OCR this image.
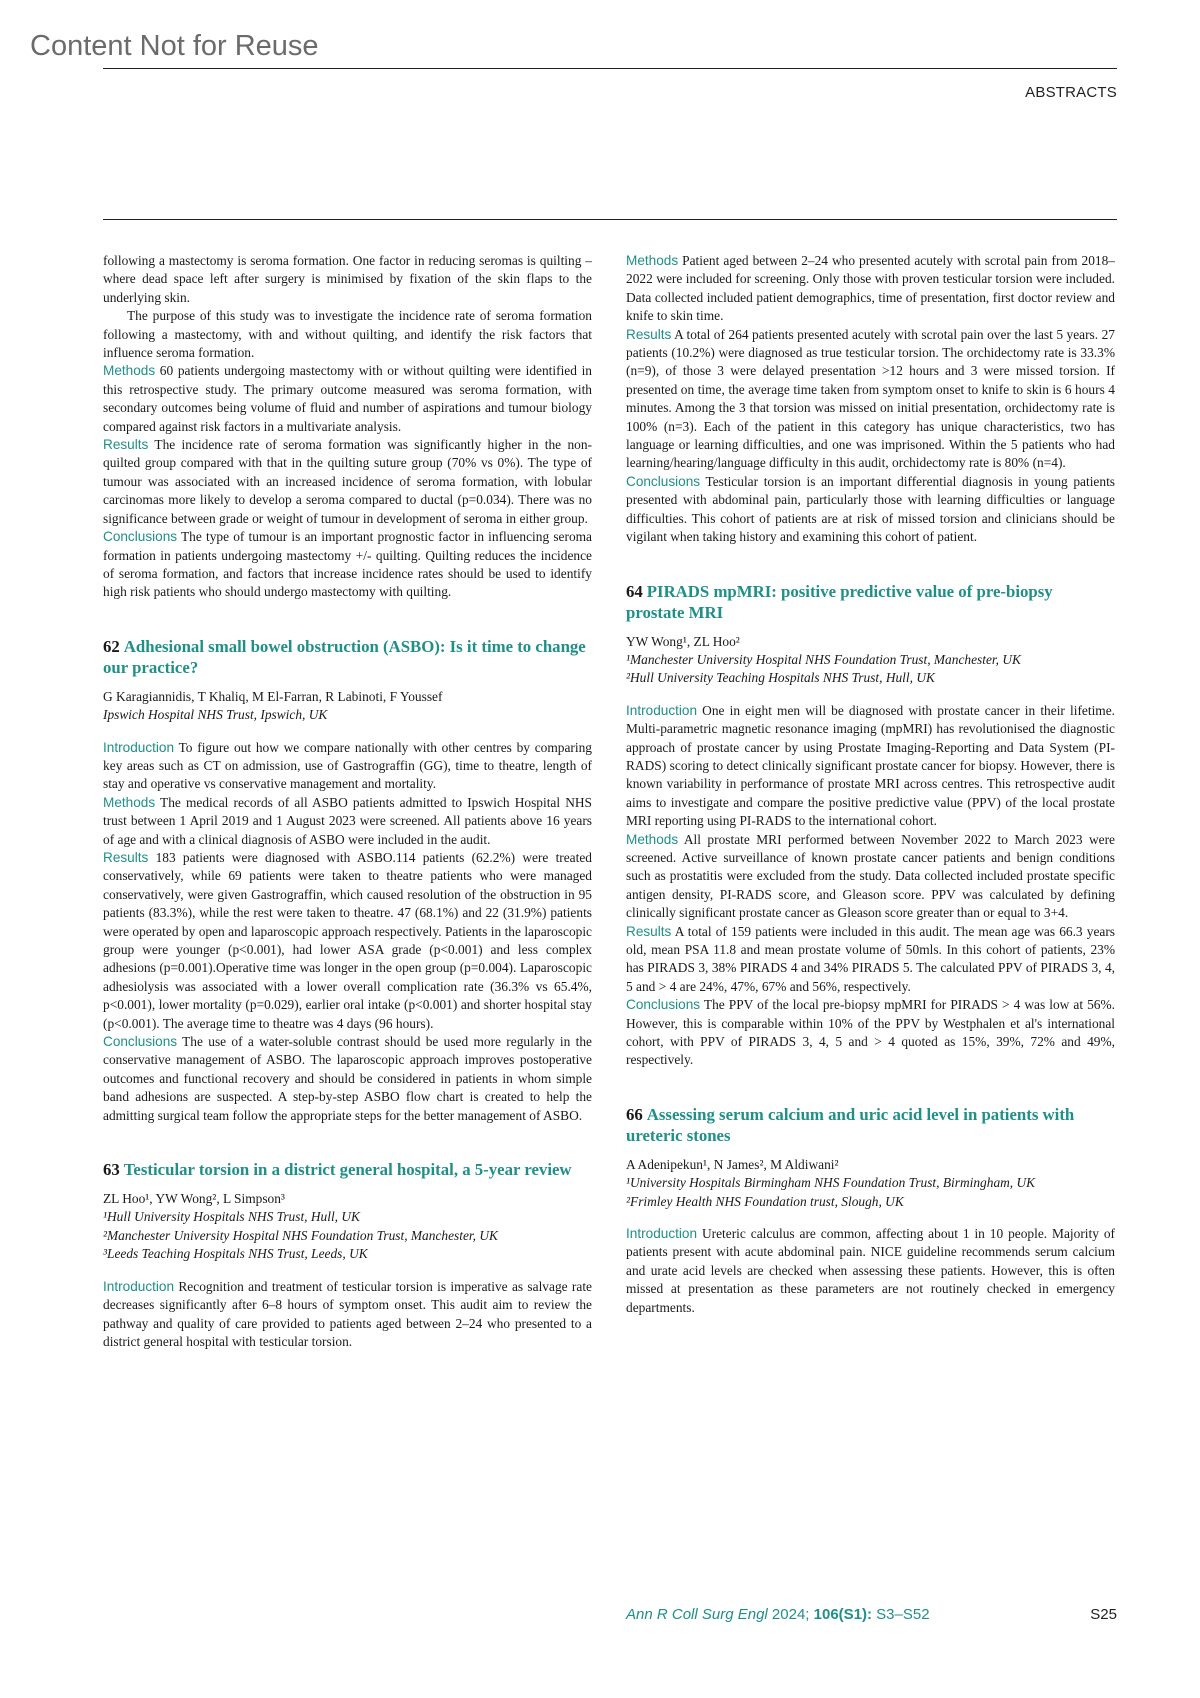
Content Not for Reuse
ABSTRACTS

following a mastectomy is seroma formation. One factor in reducing seromas is quilting – where dead space left after surgery is minimised by fixation of the skin flaps to the underlying skin.

The purpose of this study was to investigate the incidence rate of seroma formation following a mastectomy, with and without quilting, and identify the risk factors that influence seroma formation.

Methods 60 patients undergoing mastectomy with or without quilting were identified in this retrospective study. The primary outcome measured was seroma formation, with secondary outcomes being volume of fluid and number of aspirations and tumour biology compared against risk factors in a multivariate analysis.

Results The incidence rate of seroma formation was significantly higher in the non-quilted group compared with that in the quilting suture group (70% vs 0%). The type of tumour was associated with an increased incidence of seroma formation, with lobular carcinomas more likely to develop a seroma compared to ductal (p=0.034). There was no significance between grade or weight of tumour in development of seroma in either group.

Conclusions The type of tumour is an important prognostic factor in influencing seroma formation in patients undergoing mastectomy +/- quilting. Quilting reduces the incidence of seroma formation, and factors that increase incidence rates should be used to identify high risk patients who should undergo mastectomy with quilting.

62 Adhesional small bowel obstruction (ASBO): Is it time to change our practice?

G Karagiannidis, T Khaliq, M El-Farran, R Labinoti, F Youssef

Ipswich Hospital NHS Trust, Ipswich, UK

Introduction To figure out how we compare nationally with other centres by comparing key areas such as CT on admission, use of Gastrograffin (GG), time to theatre, length of stay and operative vs conservative management and mortality.

Methods The medical records of all ASBO patients admitted to Ipswich Hospital NHS trust between 1 April 2019 and 1 August 2023 were screened. All patients above 16 years of age and with a clinical diagnosis of ASBO were included in the audit.

Results 183 patients were diagnosed with ASBO.114 patients (62.2%) were treated conservatively, while 69 patients were taken to theatre patients who were managed conservatively, were given Gastrograffin, which caused resolution of the obstruction in 95 patients (83.3%), while the rest were taken to theatre. 47 (68.1%) and 22 (31.9%) patients were operated by open and laparoscopic approach respectively. Patients in the laparoscopic group were younger (p<0.001), had lower ASA grade (p<0.001) and less complex adhesions (p=0.001).Operative time was longer in the open group (p=0.004). Laparoscopic adhesiolysis was associated with a lower overall complication rate (36.3% vs 65.4%, p<0.001), lower mortality (p=0.029), earlier oral intake (p<0.001) and shorter hospital stay (p<0.001). The average time to theatre was 4 days (96 hours).

Conclusions The use of a water-soluble contrast should be used more regularly in the conservative management of ASBO. The laparoscopic approach improves postoperative outcomes and functional recovery and should be considered in patients in whom simple band adhesions are suspected. A step-by-step ASBO flow chart is created to help the admitting surgical team follow the appropriate steps for the better management of ASBO.

63 Testicular torsion in a district general hospital, a 5-year review

ZL Hoo¹, YW Wong², L Simpson³

¹Hull University Hospitals NHS Trust, Hull, UK

²Manchester University Hospital NHS Foundation Trust, Manchester, UK

³Leeds Teaching Hospitals NHS Trust, Leeds, UK

Introduction Recognition and treatment of testicular torsion is imperative as salvage rate decreases significantly after 6–8 hours of symptom onset. This audit aim to review the pathway and quality of care provided to patients aged between 2–24 who presented to a district general hospital with testicular torsion.

Methods Patient aged between 2–24 who presented acutely with scrotal pain from 2018–2022 were included for screening. Only those with proven testicular torsion were included. Data collected included patient demographics, time of presentation, first doctor review and knife to skin time.

Results A total of 264 patients presented acutely with scrotal pain over the last 5 years. 27 patients (10.2%) were diagnosed as true testicular torsion. The orchidectomy rate is 33.3% (n=9), of those 3 were delayed presentation >12 hours and 3 were missed torsion. If presented on time, the average time taken from symptom onset to knife to skin is 6 hours 4 minutes. Among the 3 that torsion was missed on initial presentation, orchidectomy rate is 100% (n=3). Each of the patient in this category has unique characteristics, two has language or learning difficulties, and one was imprisoned. Within the 5 patients who had learning/hearing/language difficulty in this audit, orchidectomy rate is 80% (n=4).

Conclusions Testicular torsion is an important differential diagnosis in young patients presented with abdominal pain, particularly those with learning difficulties or language difficulties. This cohort of patients are at risk of missed torsion and clinicians should be vigilant when taking history and examining this cohort of patient.

64 PIRADS mpMRI: positive predictive value of pre-biopsy prostate MRI

YW Wong¹, ZL Hoo²

¹Manchester University Hospital NHS Foundation Trust, Manchester, UK

²Hull University Teaching Hospitals NHS Trust, Hull, UK

Introduction One in eight men will be diagnosed with prostate cancer in their lifetime. Multi-parametric magnetic resonance imaging (mpMRI) has revolutionised the diagnostic approach of prostate cancer by using Prostate Imaging-Reporting and Data System (PI-RADS) scoring to detect clinically significant prostate cancer for biopsy. However, there is known variability in performance of prostate MRI across centres. This retrospective audit aims to investigate and compare the positive predictive value (PPV) of the local prostate MRI reporting using PI-RADS to the international cohort.

Methods All prostate MRI performed between November 2022 to March 2023 were screened. Active surveillance of known prostate cancer patients and benign conditions such as prostatitis were excluded from the study. Data collected included prostate specific antigen density, PI-RADS score, and Gleason score. PPV was calculated by defining clinically significant prostate cancer as Gleason score greater than or equal to 3+4.

Results A total of 159 patients were included in this audit. The mean age was 66.3 years old, mean PSA 11.8 and mean prostate volume of 50mls. In this cohort of patients, 23% has PIRADS 3, 38% PIRADS 4 and 34% PIRADS 5. The calculated PPV of PIRADS 3, 4, 5 and > 4 are 24%, 47%, 67% and 56%, respectively.

Conclusions The PPV of the local pre-biopsy mpMRI for PIRADS > 4 was low at 56%. However, this is comparable within 10% of the PPV by Westphalen et al's international cohort, with PPV of PIRADS 3, 4, 5 and > 4 quoted as 15%, 39%, 72% and 49%, respectively.

66 Assessing serum calcium and uric acid level in patients with ureteric stones

A Adenipekun¹, N James², M Aldiwani²

¹University Hospitals Birmingham NHS Foundation Trust, Birmingham, UK

²Frimley Health NHS Foundation trust, Slough, UK

Introduction Ureteric calculus are common, affecting about 1 in 10 people. Majority of patients present with acute abdominal pain. NICE guideline recommends serum calcium and urate acid levels are checked when assessing these patients. However, this is often missed at presentation as these parameters are not routinely checked in emergency departments.

Ann R Coll Surg Engl 2024; 106(S1): S3–S52	S25
